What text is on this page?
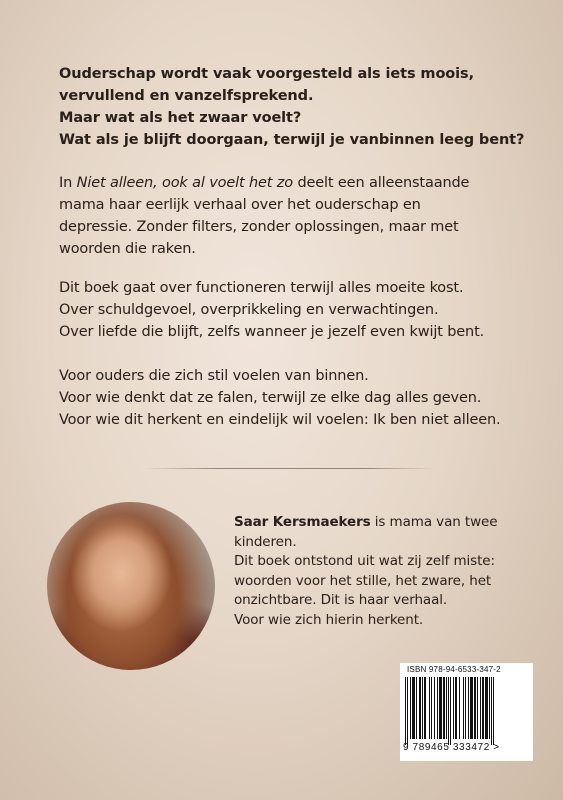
Ouderschap wordt vaak voorgesteld als iets moois,
vervullend en vanzelfsprekend.
Maar wat als het zwaar voelt?
Wat als je blijft doorgaan, terwijl je vanbinnen leeg bent?
In Niet alleen, ook al voelt het zo deelt een alleenstaande
mama haar eerlijk verhaal over het ouderschap en
depressie. Zonder filters, zonder oplossingen, maar met
woorden die raken.
Dit boek gaat over functioneren terwijl alles moeite kost.
Over schuldgevoel, overprikkeling en verwachtingen.
Over liefde die blijft, zelfs wanneer je jezelf even kwijt bent.
Voor ouders die zich stil voelen van binnen.
Voor wie denkt dat ze falen, terwijl ze elke dag alles geven.
Voor wie dit herkent en eindelijk wil voelen: Ik ben niet alleen.
Saar Kersmaekers is mama van twee
kinderen.
Dit boek ontstond uit wat zij zelf miste:
woorden voor het stille, het zware, het
onzichtbare. Dit is haar verhaal.
Voor wie zich hierin herkent.
ISBN 978-94-6533-347-2
9 789465 333472 >
